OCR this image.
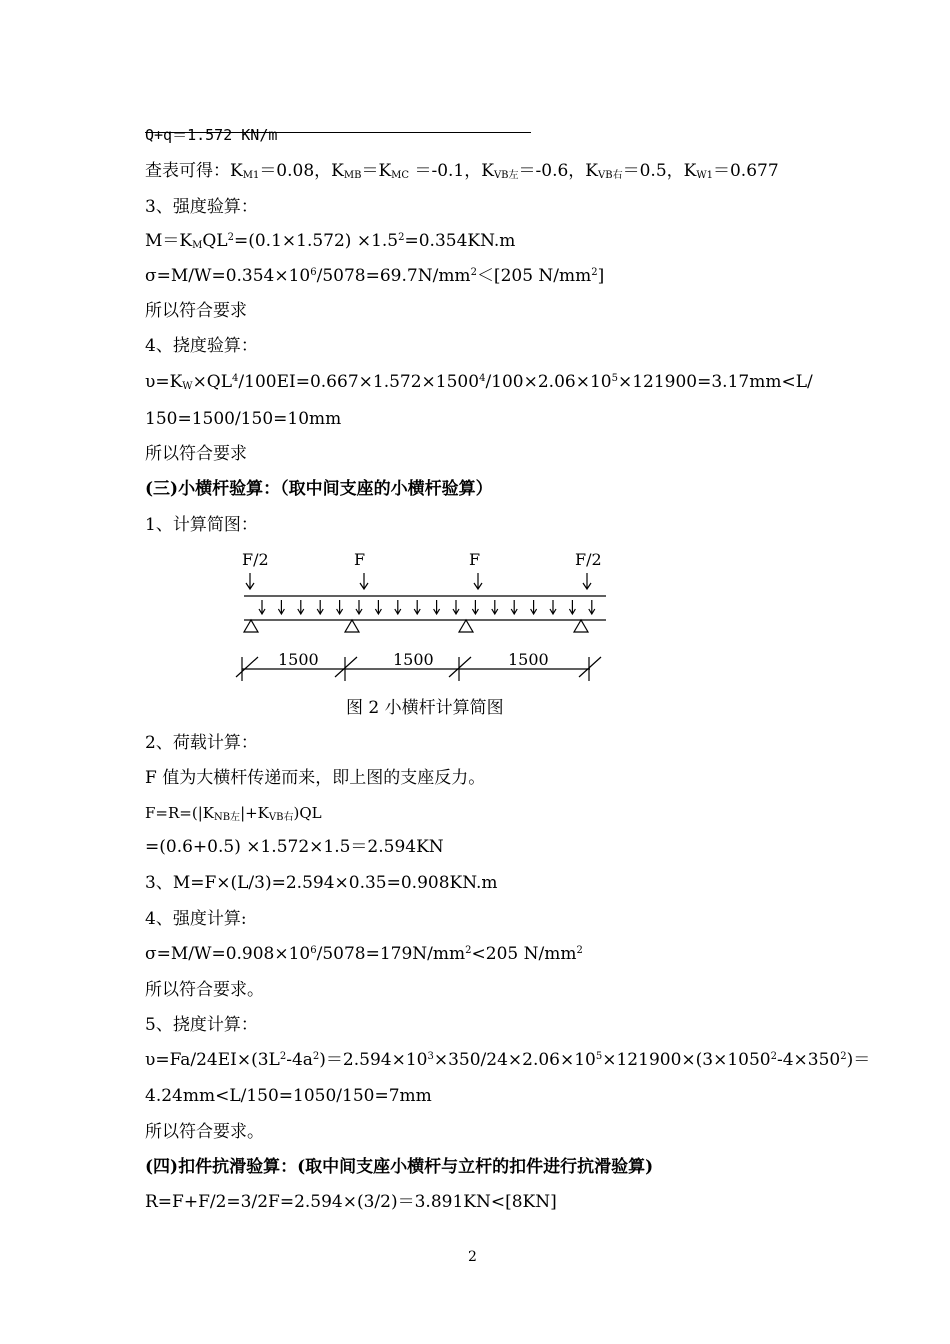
Q+q＝1.572 KN/m
查表可得：$K_{M1}=0.08$，$K_{MB}=K_{MC} =-0.1$，$K_{VB左}=-0.6$，$K_{VB右}=0.5$，$K_{W1}=0.677$
3、强度验算：
$M=K_MQL^2=(0.1\times 1.572) \times 1.5^2=0.354KN.m$
$\sigma=M/W=0.354\times 10^6/5078=69.7N/mm^2<[205$ $N/mm^2$]
所以符合要求
4、挠度验算：
$\upsilon=K_W\times QL^4/100EI=0.667\times 1.572\times 1500^4/100\times 2.06\times 10^5\times 121900=3.17mm<L/$
150=1500/150=10mm
所以符合要求
(三)小横杆验算：（取中间支座的小横杆验算）
1、计算简图：
F/2	F	F	F/2
1500	1500	1500
图 2 小横杆计算简图
2、荷载计算：
F 值为大横杆传递而来，即上图的支座反力。
$F=R=(|K_{NB左}|+K_{VB右})QL$
=(0.6+0.5) ×1.572×1.5＝2.594KN
3、M=F×(L/3)=2.594×0.35=0.908KN.m
4、强度计算:
$\sigma=M/W=0.908\times 10^6/5078=179N/mm^2<205$ $N/mm^2$
所以符合要求。
5、挠度计算：
$\upsilon=Fa/24EI\times(3L^2-4a^2)=2.594\times 10^3\times 350/24\times 2.06\times 10^5\times 121900\times(3\times 1050^2-4\times 350^2)=$
4.24mm<L/150=1050/150=7mm
所以符合要求。
(四)扣件抗滑验算：(取中间支座小横杆与立杆的扣件进行抗滑验算)
R=F+F/2=3/2F=2.594×(3/2)＝3.891KN<[8KN]
2
